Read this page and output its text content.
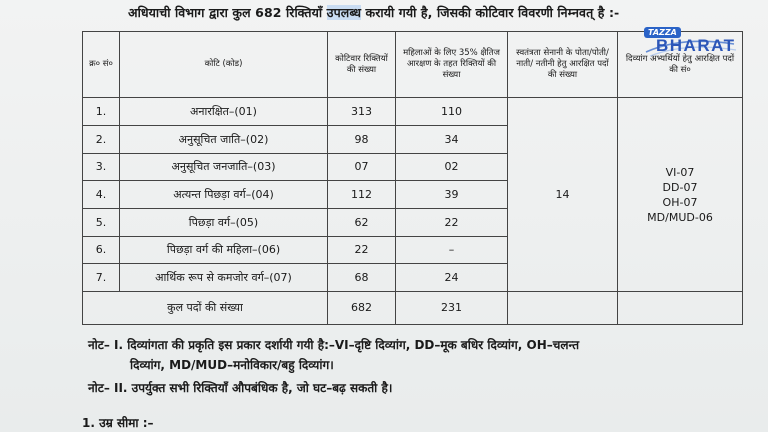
अधियाची विभाग द्वारा कुल 682 रिक्तियाँ उपलब्ध करायी गयी है, जिसकी कोटिवार विवरणी निम्नवत् है :-
क्र० सं०	कोटि (कोड)	कोटिवार रिक्तियों की संख्या	महिलाओं के लिए 35% क्षैतिज आरक्षण के तहत रिक्तियों की संख्या	स्वतंत्रता सेनानी के पोता/पोती/नाती/ नतीनी हेतु आरक्षित पदों की संख्या	दिव्यांग अभ्यर्थियों हेतु आरक्षित पदों की सं०
1.	अनारक्षित–(01)	313	110	14	VI-07
DD-07
OH-07
MD/MUD-06

2.	अनुसूचित जाति–(02)	98	34		
3.	अनुसूचित जनजाति–(03)	07	02		
4.	अत्यन्त पिछड़ा वर्ग–(04)	112	39		
5.	पिछड़ा वर्ग–(05)	62	22		
6.	पिछड़ा वर्ग की महिला–(06)	22	–		
7.	आर्थिक रूप से कमजोर वर्ग–(07)	68	24		
कुल पदों की संख्या		682	231		
TAZZA
BHARAT
नोट– I. दिव्यांगता की प्रकृति इस प्रकार दर्शायी गयी है:–VI–दृष्टि दिव्यांग, DD–मूक बधिर दिव्यांग, OH–चलन्त
दिव्यांग, MD/MUD–मनोविकार/बहु दिव्यांग।
नोट– II. उपर्युक्त सभी रिक्तियाँ औपबंधिक है, जो घट–बढ़ सकती है।
1. उम्र सीमा :–
